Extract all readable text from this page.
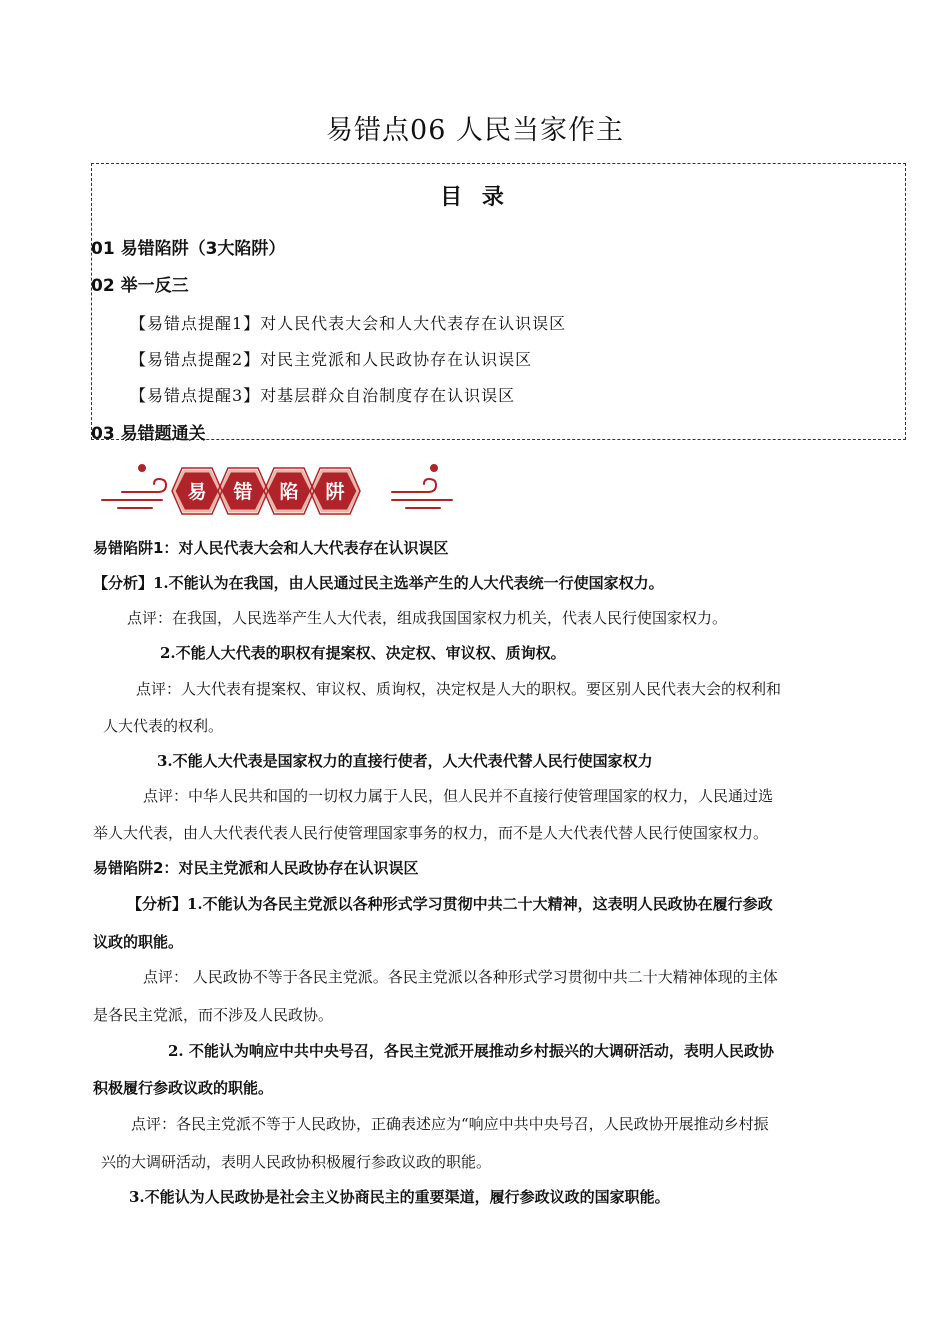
易错点06 人民当家作主
目 录
01 易错陷阱（3大陷阱）
02 举一反三
【易错点提醒1】对人民代表大会和人大代表存在认识误区
【易错点提醒2】对民主党派和人民政协存在认识误区
【易错点提醒3】对基层群众自治制度存在认识误区
03 易错题通关
易 错 陷 阱
易错陷阱1：对人民代表大会和人大代表存在认识误区
【分析】1.不能认为在我国，由人民通过民主选举产生的人大代表统一行使国家权力。
点评：在我国，人民选举产生人大代表，组成我国国家权力机关，代表人民行使国家权力。
2.不能人大代表的职权有提案权、决定权、审议权、质询权。
点评：人大代表有提案权、审议权、质询权，决定权是人大的职权。要区别人民代表大会的权利和
人大代表的权利。
3.不能人大代表是国家权力的直接行使者，人大代表代替人民行使国家权力
点评：中华人民共和国的一切权力属于人民，但人民并不直接行使管理国家的权力，人民通过选
举人大代表，由人大代表代表人民行使管理国家事务的权力，而不是人大代表代替人民行使国家权力。
易错陷阱2：对民主党派和人民政协存在认识误区
【分析】1.不能认为各民主党派以各种形式学习贯彻中共二十大精神，这表明人民政协在履行参政
议政的职能。
点评： 人民政协不等于各民主党派。各民主党派以各种形式学习贯彻中共二十大精神体现的主体
是各民主党派，而不涉及人民政协。
2. 不能认为响应中共中央号召，各民主党派开展推动乡村振兴的大调研活动，表明人民政协
积极履行参政议政的职能。
点评：各民主党派不等于人民政协，正确表述应为“响应中共中央号召，人民政协开展推动乡村振
兴的大调研活动，表明人民政协积极履行参政议政的职能。
3.不能认为人民政协是社会主义协商民主的重要渠道，履行参政议政的国家职能。
